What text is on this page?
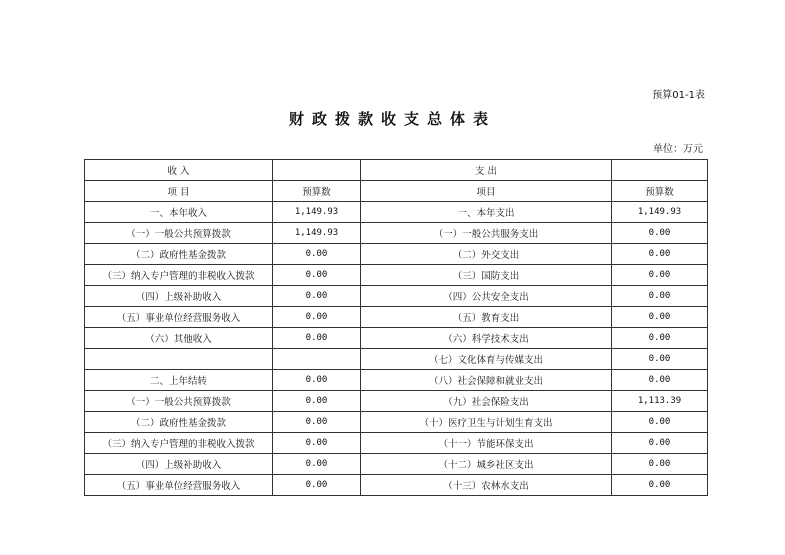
预算01-1表
财政拨款收支总体表
单位：万元
收 入		支 出	
项 目	预算数	项目	预算数
一、本年收入	1,149.93	一、本年支出	1,149.93
（一）一般公共预算拨款	1,149.93	（一）一般公共服务支出	0.00
（二）政府性基金拨款	0.00	（二）外交支出	0.00
（三）纳入专户管理的非税收入拨款	0.00	（三）国防支出	0.00
（四）上级补助收入	0.00	（四）公共安全支出	0.00
（五）事业单位经营服务收入	0.00	（五）教育支出	0.00
（六）其他收入	0.00	（六）科学技术支出	0.00
		（七）文化体育与传媒支出	0.00
二、上年结转	0.00	（八）社会保障和就业支出	0.00
（一）一般公共预算拨款	0.00	（九）社会保险支出	1,113.39
（二）政府性基金拨款	0.00	（十）医疗卫生与计划生育支出	0.00
（三）纳入专户管理的非税收入拨款	0.00	（十一）节能环保支出	0.00
（四）上级补助收入	0.00	（十二）城乡社区支出	0.00
（五）事业单位经营服务收入	0.00	（十三）农林水支出	0.00
